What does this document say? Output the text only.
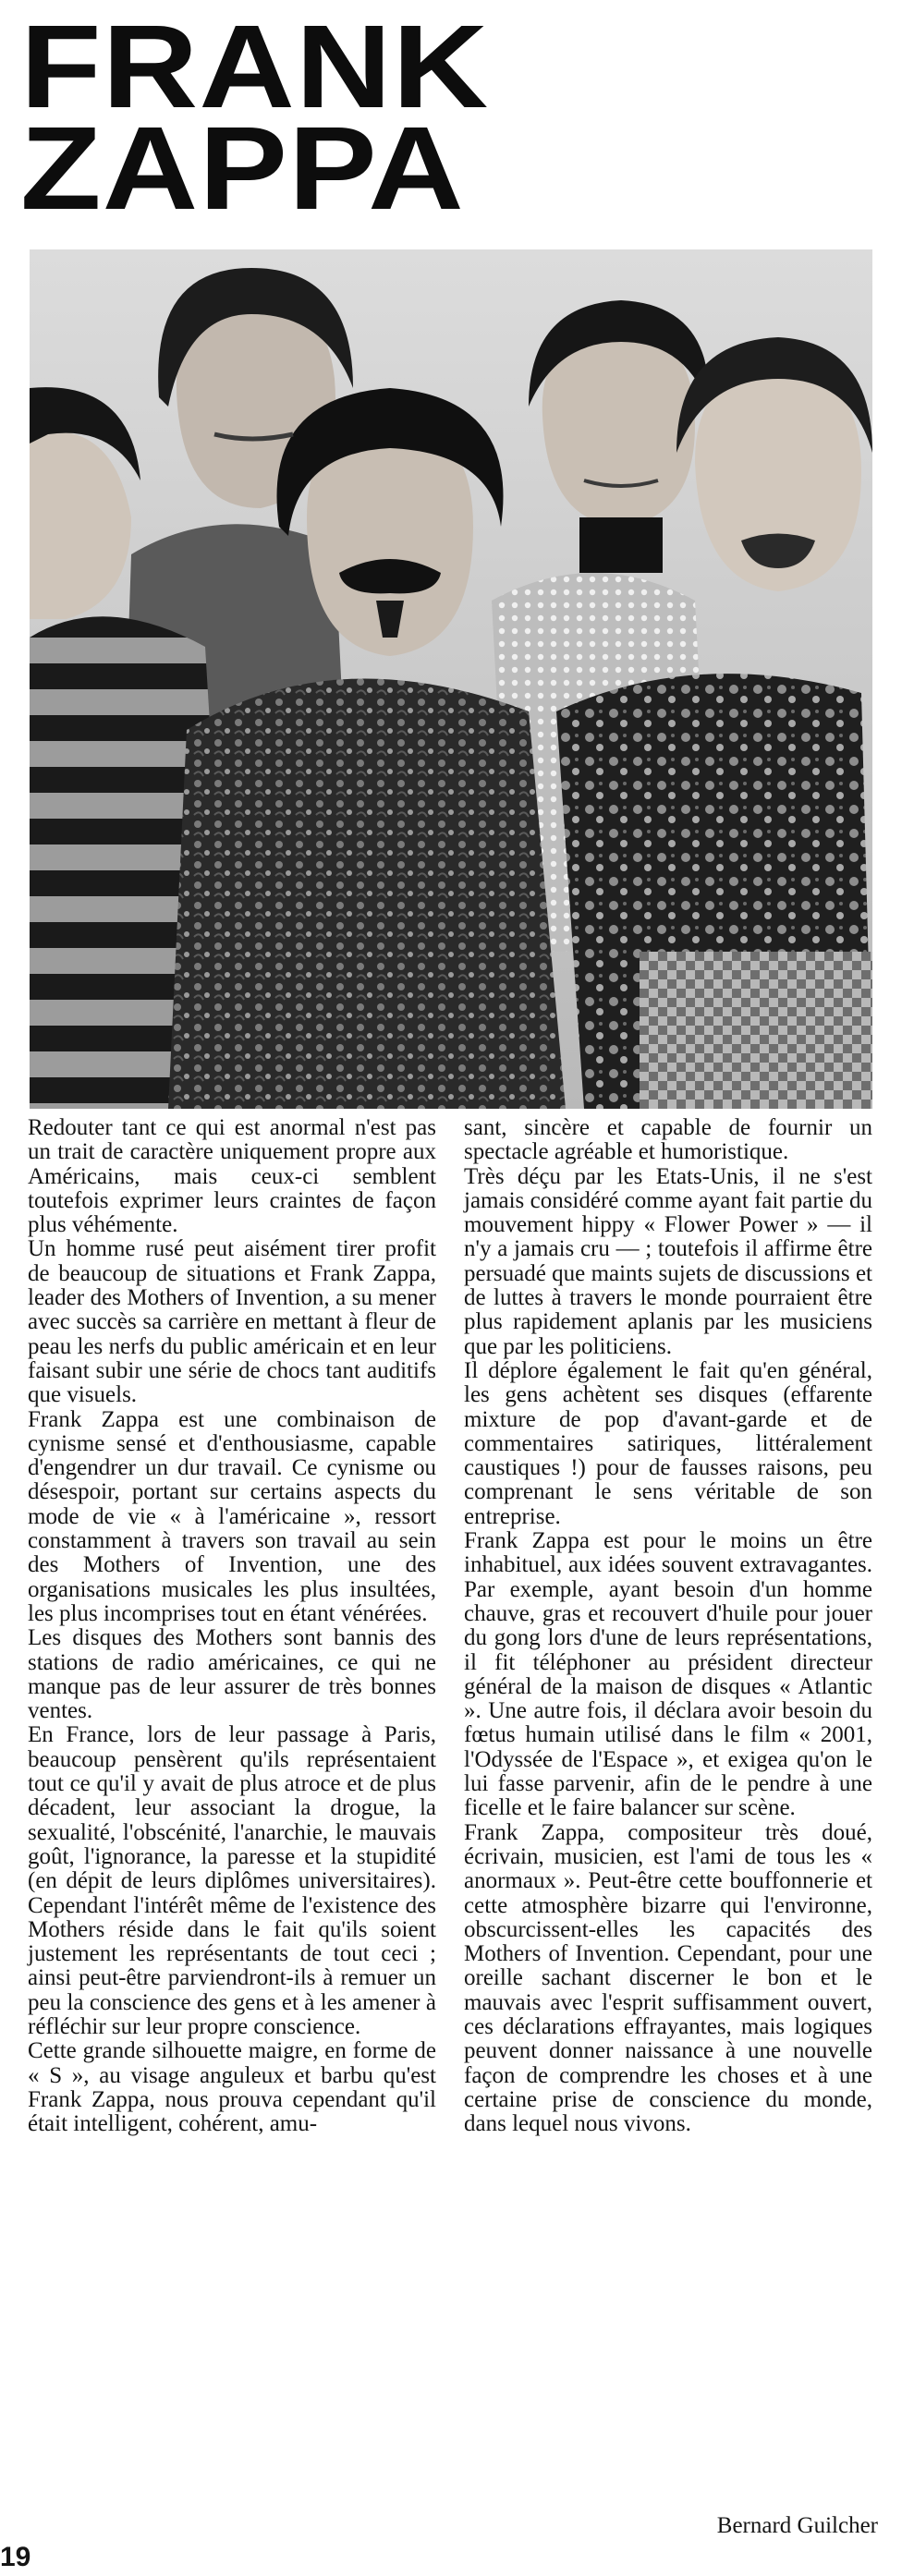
FRANK
ZAPPA

Redouter tant ce qui est anormal n'est pas un trait de caractère uniquement propre aux Américains, mais ceux-ci semblent toutefois exprimer leurs craintes de façon plus véhémente.

Un homme rusé peut aisément tirer profit de beaucoup de situations et Frank Zappa, leader des Mothers of Invention, a su mener avec succès sa carrière en mettant à fleur de peau les nerfs du public américain et en leur faisant subir une série de chocs tant auditifs que visuels.

Frank Zappa est une combinaison de cynisme sensé et d'enthousiasme, capable d'engendrer un dur travail. Ce cynisme ou désespoir, portant sur certains aspects du mode de vie « à l'américaine », ressort constamment à travers son travail au sein des Mothers of Invention, une des organisations musicales les plus insultées, les plus incomprises tout en étant vénérées.

Les disques des Mothers sont bannis des stations de radio américaines, ce qui ne manque pas de leur assurer de très bonnes ventes.

En France, lors de leur passage à Paris, beaucoup pensèrent qu'ils représentaient tout ce qu'il y avait de plus atroce et de plus décadent, leur associant la drogue, la sexualité, l'obscénité, l'anarchie, le mauvais goût, l'ignorance, la paresse et la stupidité (en dépit de leurs diplômes universitaires). Cependant l'intérêt même de l'existence des Mothers réside dans le fait qu'ils soient justement les représentants de tout ceci ; ainsi peut-être parviendront-ils à remuer un peu la conscience des gens et à les amener à réfléchir sur leur propre conscience.

Cette grande silhouette maigre, en forme de « S », au visage anguleux et barbu qu'est Frank Zappa, nous prouva cependant qu'il était intelligent, cohérent, amu-

sant, sincère et capable de fournir un spectacle agréable et humoristique.

Très déçu par les Etats-Unis, il ne s'est jamais considéré comme ayant fait partie du mouvement hippy « Flower Power » — il n'y a jamais cru — ; toutefois il affirme être persuadé que maints sujets de discussions et de luttes à travers le monde pourraient être plus rapidement aplanis par les musiciens que par les politiciens.

Il déplore également le fait qu'en général, les gens achètent ses disques (effarente mixture de pop d'avant-garde et de commentaires satiriques, littéralement caustiques !) pour de fausses raisons, peu comprenant le sens véritable de son entreprise.

Frank Zappa est pour le moins un être inhabituel, aux idées souvent extravagantes. Par exemple, ayant besoin d'un homme chauve, gras et recouvert d'huile pour jouer du gong lors d'une de leurs représentations, il fit téléphoner au président directeur général de la maison de disques « Atlantic ». Une autre fois, il déclara avoir besoin du fœtus humain utilisé dans le film « 2001, l'Odyssée de l'Espace », et exigea qu'on le lui fasse parvenir, afin de le pendre à une ficelle et le faire balancer sur scène.

Frank Zappa, compositeur très doué, écrivain, musicien, est l'ami de tous les « anormaux ». Peut-être cette bouffonnerie et cette atmosphère bizarre qui l'environne, obscurcissent-elles les capacités des Mothers of Invention. Cependant, pour une oreille sachant discerner le bon et le mauvais avec l'esprit suffisamment ouvert, ces déclarations effrayantes, mais logiques peuvent donner naissance à une nouvelle façon de comprendre les choses et à une certaine prise de conscience du monde, dans lequel nous vivons.

Bernard Guilcher
19
